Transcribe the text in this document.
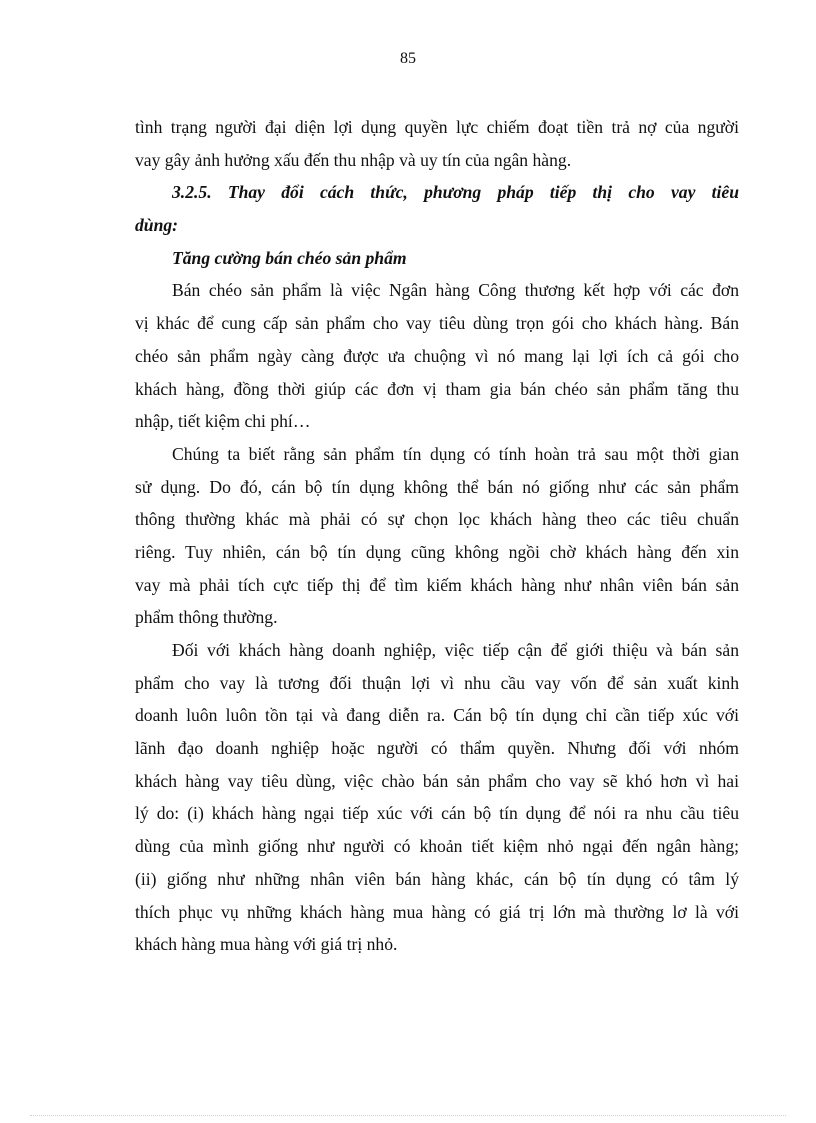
85
tình trạng người đại diện lợi dụng quyền lực chiếm đoạt tiền trả nợ của người
vay gây ảnh hưởng xấu đến thu nhập và uy tín của ngân hàng.
3.2.5. Thay đổi cách thức, phương pháp tiếp thị cho vay tiêu
dùng:
Tăng cường bán chéo sản phẩm
Bán chéo sản phẩm là việc Ngân hàng Công thương kết hợp với các đơn
vị khác để cung cấp sản phẩm cho vay tiêu dùng trọn gói cho khách hàng. Bán
chéo sản phẩm ngày càng được ưa chuộng vì nó mang lại lợi ích cả gói cho
khách hàng, đồng thời giúp các đơn vị tham gia bán chéo sản phẩm tăng thu
nhập, tiết kiệm chi phí…
Chúng ta biết rằng sản phẩm tín dụng có tính hoàn trả sau một thời gian
sử dụng. Do đó, cán bộ tín dụng không thể bán nó giống như các sản phẩm
thông thường khác mà phải có sự chọn lọc khách hàng theo các tiêu chuẩn
riêng. Tuy nhiên, cán bộ tín dụng cũng không ngồi chờ khách hàng đến xin
vay mà phải tích cực tiếp thị để tìm kiếm khách hàng như nhân viên bán sản
phẩm thông thường.
Đối với khách hàng doanh nghiệp, việc tiếp cận để giới thiệu và bán sản
phẩm cho vay là tương đối thuận lợi vì nhu cầu vay vốn để sản xuất kinh
doanh luôn luôn tồn tại và đang diễn ra. Cán bộ tín dụng chỉ cần tiếp xúc với
lãnh đạo doanh nghiệp hoặc người có thẩm quyền. Nhưng đối với nhóm
khách hàng vay tiêu dùng, việc chào bán sản phẩm cho vay sẽ khó hơn vì hai
lý do: (i) khách hàng ngại tiếp xúc với cán bộ tín dụng để nói ra nhu cầu tiêu
dùng của mình giống như người có khoản tiết kiệm nhỏ ngại đến ngân hàng;
(ii) giống như những nhân viên bán hàng khác, cán bộ tín dụng có tâm lý
thích phục vụ những khách hàng mua hàng có giá trị lớn mà thường lơ là với
khách hàng mua hàng với giá trị nhỏ.
